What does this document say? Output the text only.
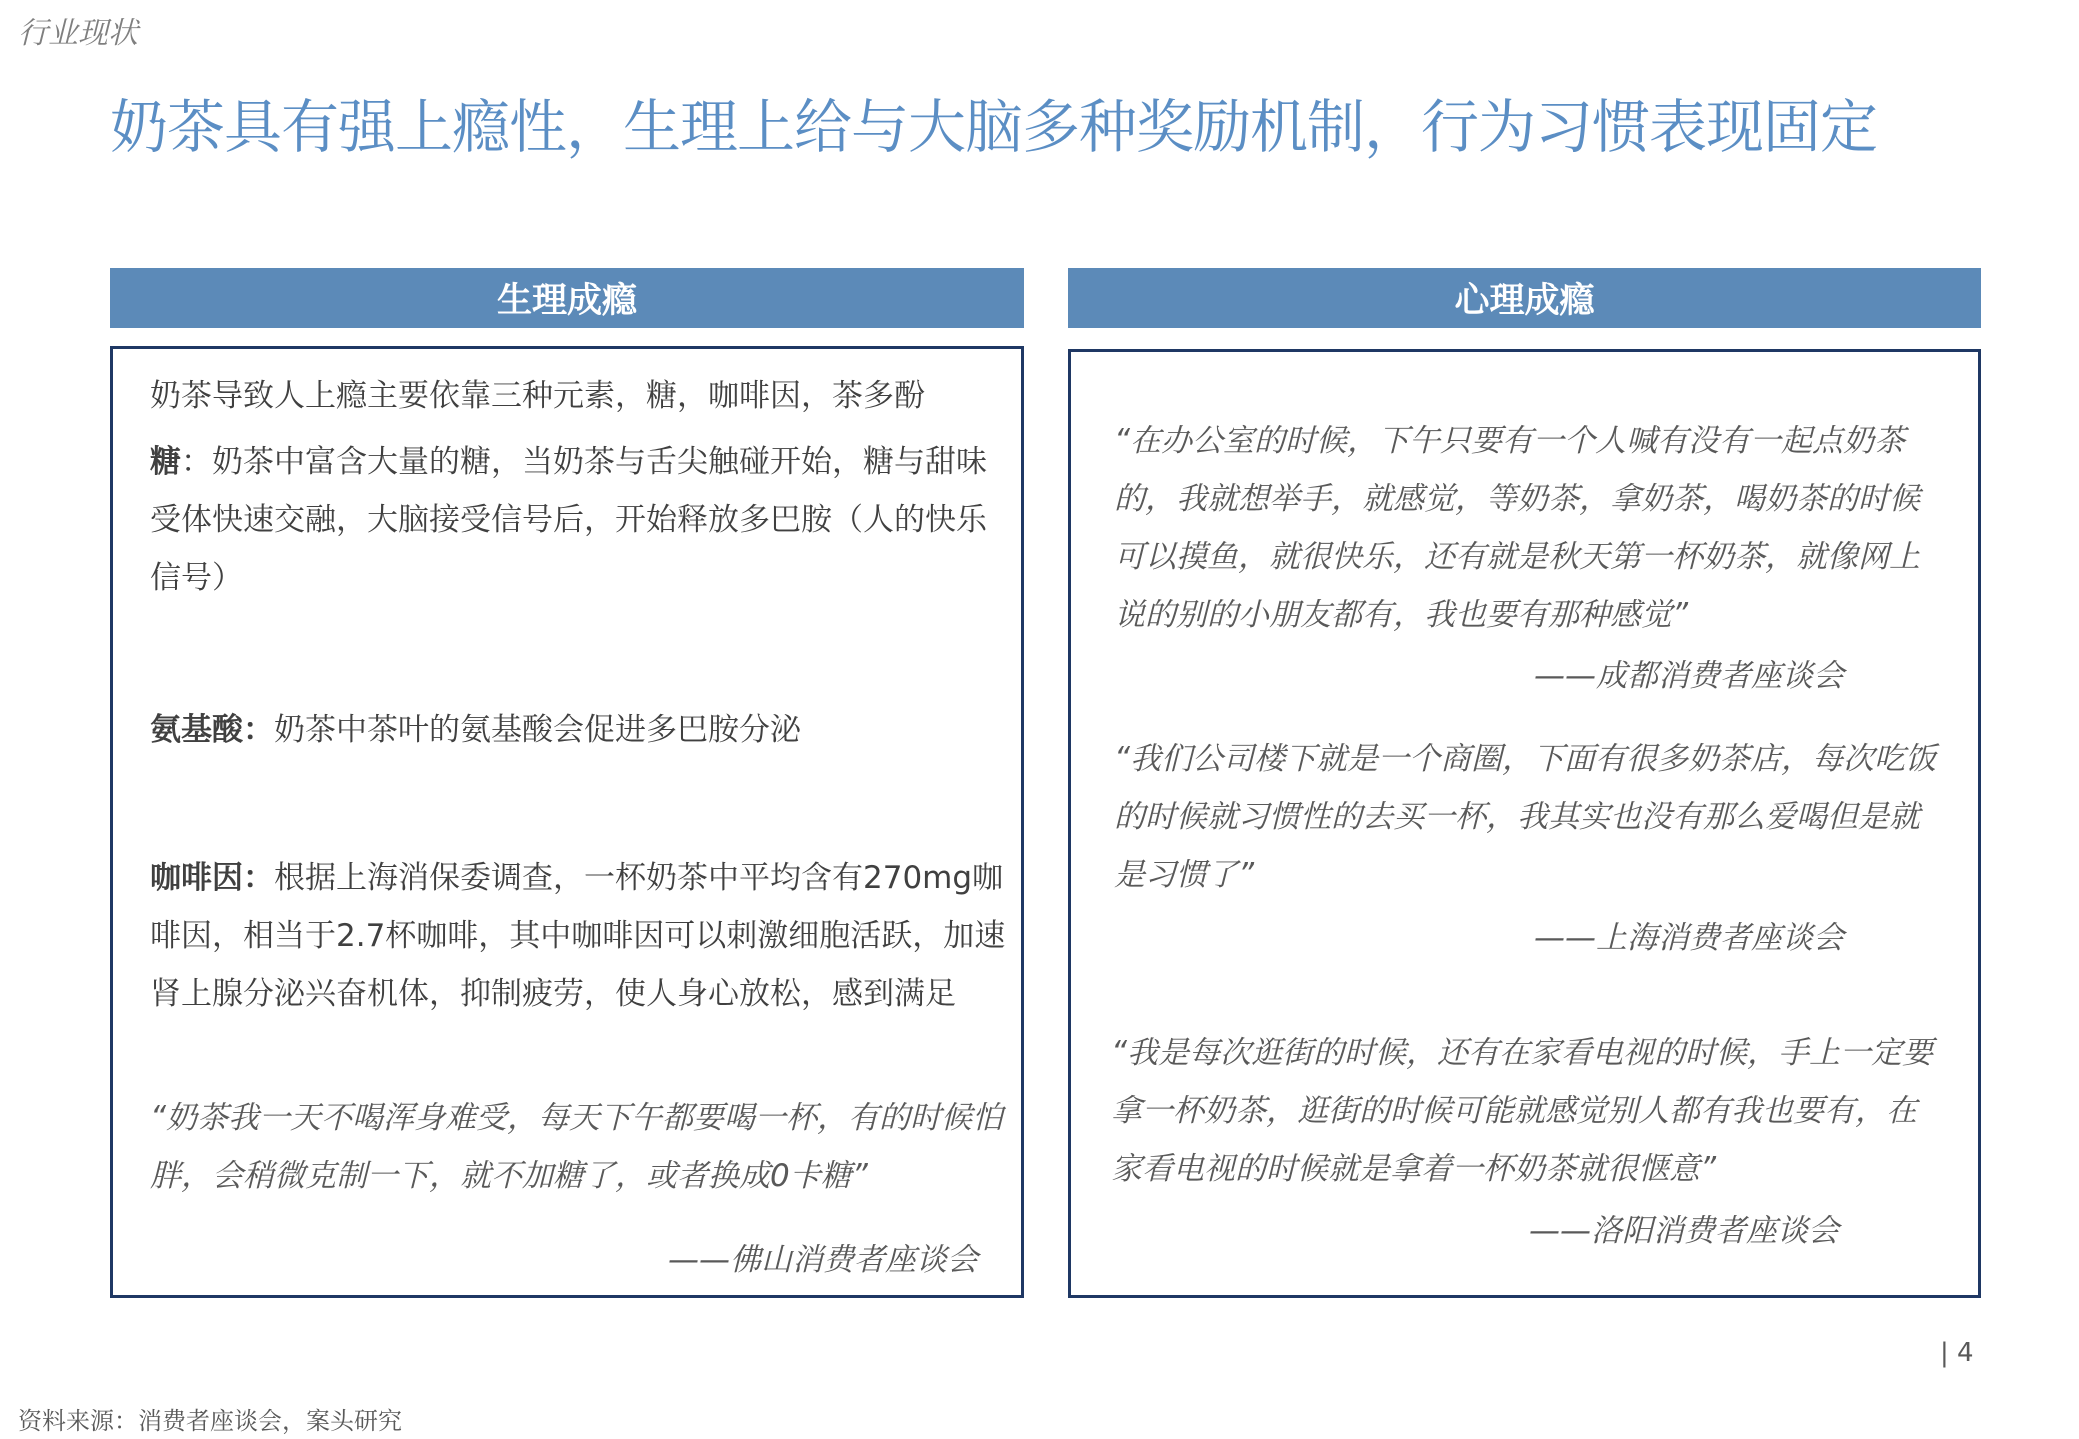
行业现状
奶茶具有强上瘾性，生理上给与大脑多种奖励机制，行为习惯表现固定
生理成瘾
奶茶导致人上瘾主要依靠三种元素，糖，咖啡因，茶多酚
糖：奶茶中富含大量的糖，当奶茶与舌尖触碰开始，糖与甜味受体快速交融，大脑接受信号后，开始释放多巴胺（人的快乐信号）
氨基酸：奶茶中茶叶的氨基酸会促进多巴胺分泌
咖啡因：根据上海消保委调查，一杯奶茶中平均含有270mg咖啡因，相当于2.7杯咖啡，其中咖啡因可以刺激细胞活跃，加速肾上腺分泌兴奋机体，抑制疲劳，使人身心放松，感到满足
“奶茶我一天不喝浑身难受，每天下午都要喝一杯，有的时候怕胖，会稍微克制一下，就不加糖了，或者换成0卡糖”
——佛山消费者座谈会
心理成瘾
“在办公室的时候，下午只要有一个人喊有没有一起点奶茶的，我就想举手，就感觉，等奶茶，拿奶茶，喝奶茶的时候可以摸鱼，就很快乐，还有就是秋天第一杯奶茶，就像网上说的别的小朋友都有，我也要有那种感觉”
——成都消费者座谈会
“我们公司楼下就是一个商圈，下面有很多奶茶店，每次吃饭的时候就习惯性的去买一杯，我其实也没有那么爱喝但是就是习惯了”
——上海消费者座谈会
“我是每次逛街的时候，还有在家看电视的时候，手上一定要拿一杯奶茶，逛街的时候可能就感觉别人都有我也要有，在家看电视的时候就是拿着一杯奶茶就很惬意”
——洛阳消费者座谈会
| 4
资料来源：消费者座谈会，案头研究
